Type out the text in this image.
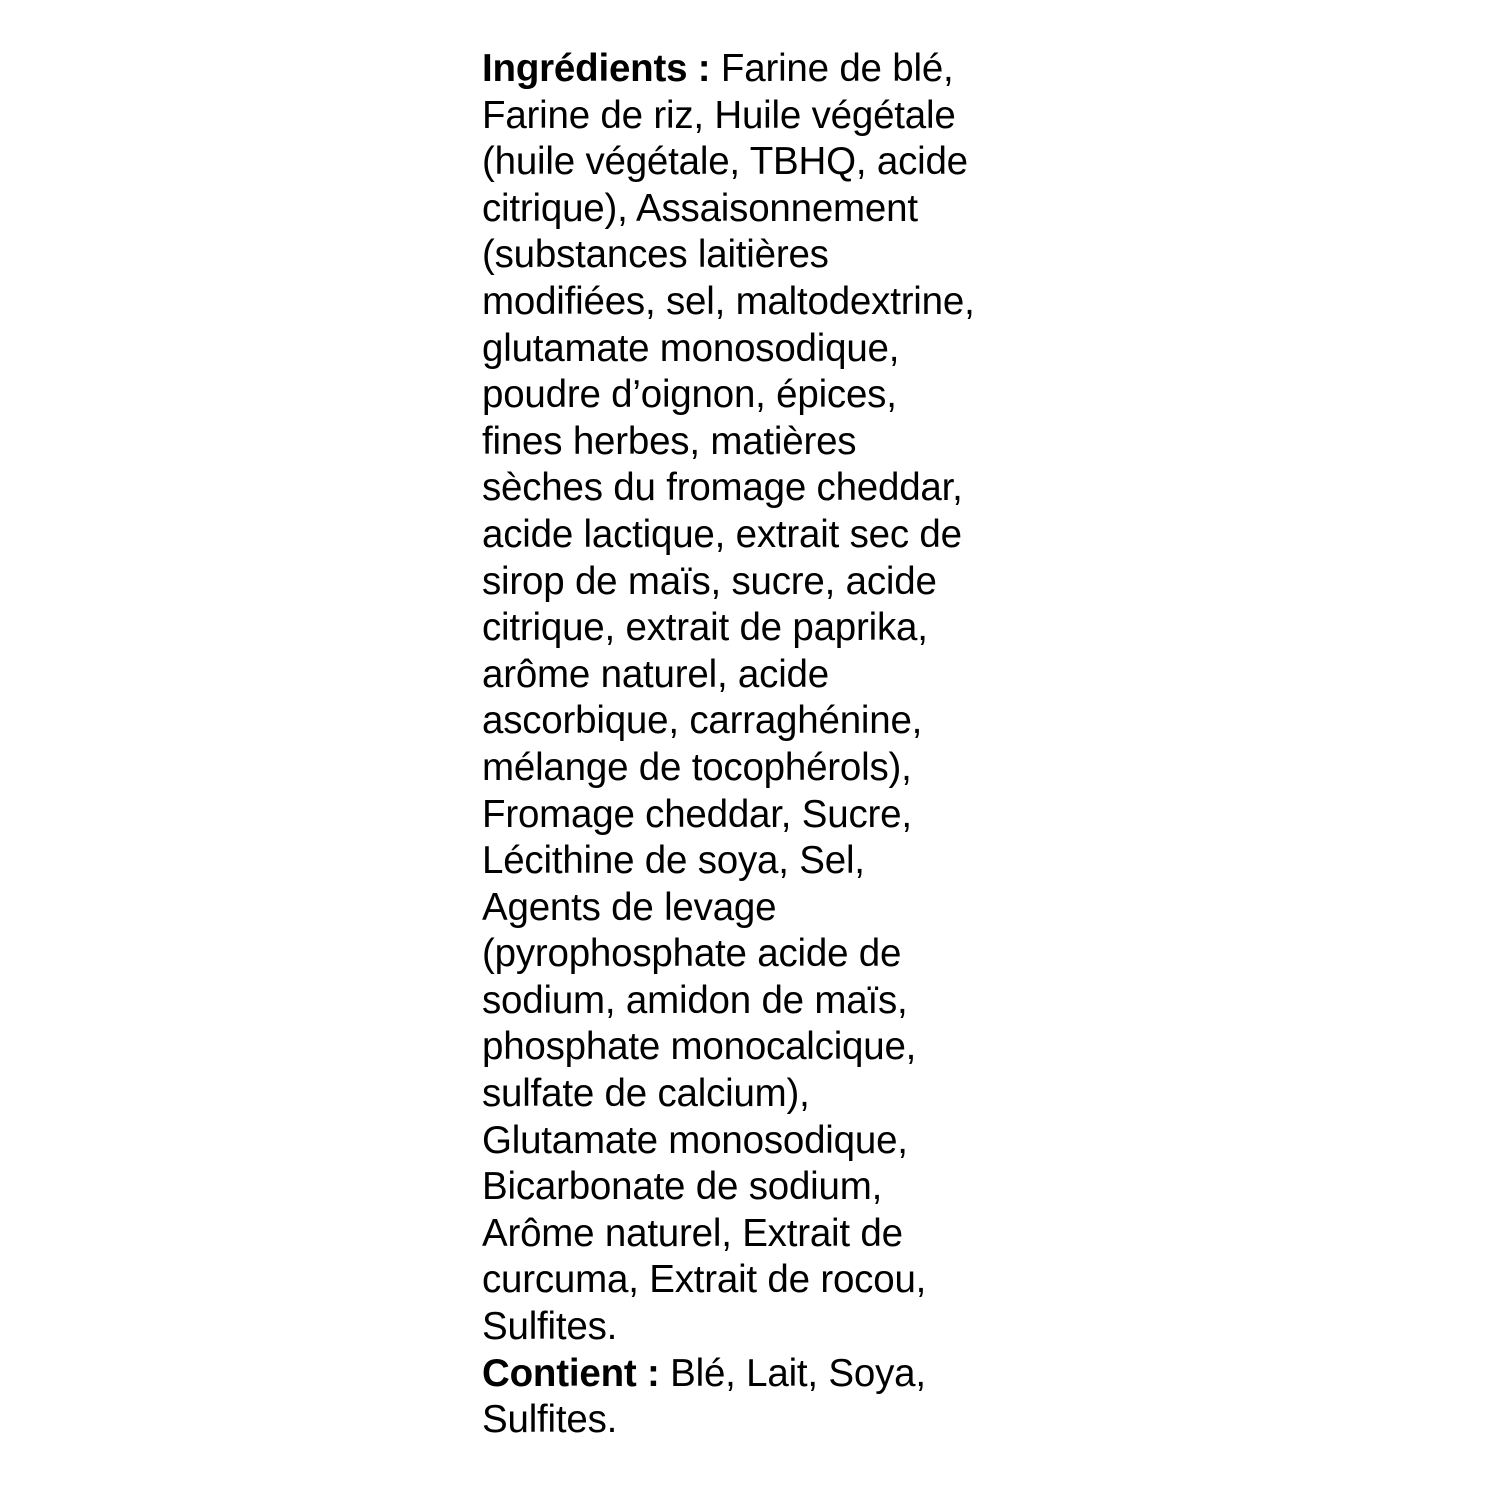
Ingrédients : Farine de blé,
Farine de riz, Huile végétale
(huile végétale, TBHQ, acide
citrique), Assaisonnement
(substances laitières
modifiées, sel, maltodextrine,
glutamate monosodique,
poudre d’oignon, épices,
fines herbes, matières
sèches du fromage cheddar,
acide lactique, extrait sec de
sirop de maïs, sucre, acide
citrique, extrait de paprika,
arôme naturel, acide
ascorbique, carraghénine,
mélange de tocophérols),
Fromage cheddar, Sucre,
Lécithine de soya, Sel,
Agents de levage
(pyrophosphate acide de
sodium, amidon de maïs,
phosphate monocalcique,
sulfate de calcium),
Glutamate monosodique,
Bicarbonate de sodium,
Arôme naturel, Extrait de
curcuma, Extrait de rocou,
Sulfites.
Contient : Blé, Lait, Soya,
Sulfites.
